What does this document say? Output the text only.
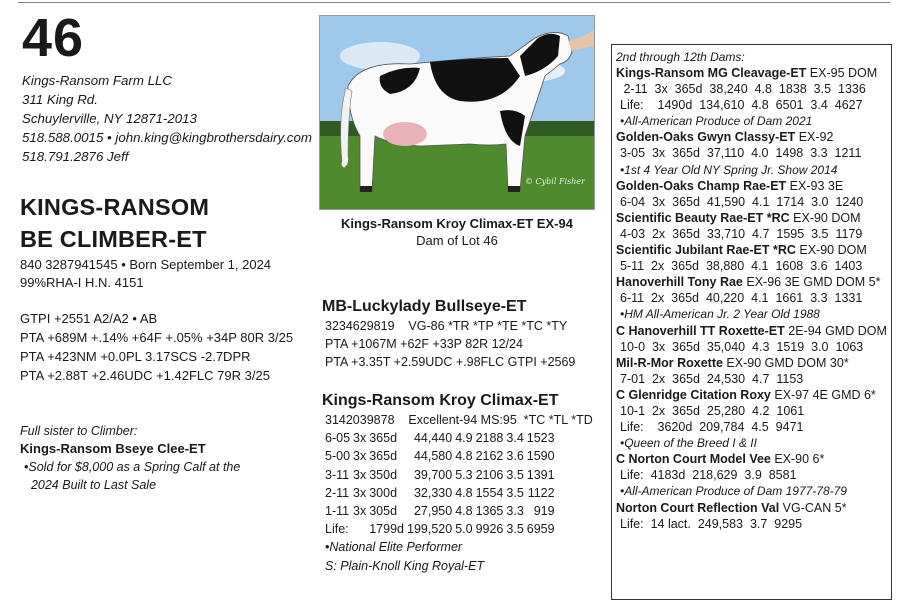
46
Kings-Ransom Farm LLC
311 King Rd.
Schuylerville, NY 12871-2013
518.588.0015 • john.king@kingbrothersdairy.com
518.791.2876 Jeff
KINGS-RANSOM
BE CLIMBER-ET
840 3287941545 • Born September 1, 2024
99%RHA-I H.N. 4151
GTPI +2551 A2/A2 • AB
PTA +689M +.14% +64F +.05% +34P 80R 3/25
PTA +423NM +0.0PL 3.17SCS -2.7DPR
PTA +2.88T +2.46UDC +1.42FLC 79R 3/25
Full sister to Climber:
Kings-Ransom Bseye Clee-ET
•Sold for $8,000 as a Spring Calf at the
2024 Built to Last Sale
© Cybil Fisher
Kings-Ransom Kroy Climax-ET EX-94
Dam of Lot 46
MB-Luckylady Bullseye-ET
3234629819    VG-86 *TR *TP *TE *TC *TY
PTA +1067M +62F +33P 82R 12/24
PTA +3.35T +2.59UDC +.98FLC GTPI +2569
Kings-Ransom Kroy Climax-ET
3142039878    Excellent-94 MS:95  *TC *TL *TD
6-05	3x	365d	44,440	4.9	2188	3.4	1523
5-00	3x	365d	44,580	4.8	2162	3.6	1590
3-11	3x	350d	39,700	5.3	2106	3.5	1391
2-11	3x	300d	32,330	4.8	1554	3.5	1122
1-11	3x	305d	27,950	4.8	1365	3.3	919
Life:		1799d	199,520	5.0	9926	3.5	6959
•National Elite Performer
S: Plain-Knoll King Royal-ET
2nd through 12th Dams:
Kings-Ransom MG Cleavage-ET EX-95 DOM
2-11  3x  365d  38,240  4.8  1838  3.5  1336
Life:    1490d  134,610  4.8  6501  3.4  4627
•All-American Produce of Dam 2021
Golden-Oaks Gwyn Classy-ET EX-92
3-05  3x  365d  37,110  4.0  1498  3.3  1211
•1st 4 Year Old NY Spring Jr. Show 2014
Golden-Oaks Champ Rae-ET EX-93 3E
6-04  3x  365d  41,590  4.1  1714  3.0  1240
Scientific Beauty Rae-ET *RC EX-90 DOM
4-03  2x  365d  33,710  4.7  1595  3.5  1179
Scientific Jubilant Rae-ET *RC EX-90 DOM
5-11  2x  365d  38,880  4.1  1608  3.6  1403
Hanoverhill Tony Rae EX-96 3E GMD DOM 5*
6-11  2x  365d  40,220  4.1  1661  3.3  1331
•HM All-American Jr. 2 Year Old 1988
C Hanoverhill TT Roxette-ET 2E-94 GMD DOM
10-0  3x  365d  35,040  4.3  1519  3.0  1063
Mil-R-Mor Roxette EX-90 GMD DOM 30*
7-01  2x  365d  24,530  4.7  1153
C Glenridge Citation Roxy EX-97 4E GMD 6*
10-1  2x  365d  25,280  4.2  1061
Life:    3620d  209,784  4.5  9471
•Queen of the Breed I & II
C Norton Court Model Vee EX-90 6*
Life:  4183d  218,629  3.9  8581
•All-American Produce of Dam 1977-78-79
Norton Court Reflection Val VG-CAN 5*
Life:  14 lact.  249,583  3.7  9295
